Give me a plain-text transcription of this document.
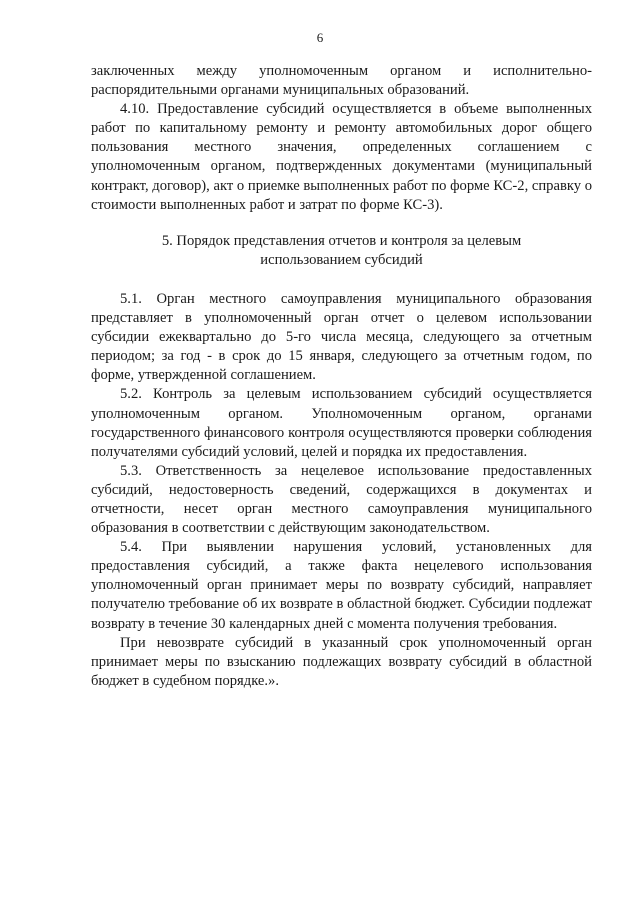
6

заключенных между уполномоченным органом и исполнительно-распорядительными органами муниципальных образований.

4.10. Предоставление субсидий осуществляется в объеме выполненных работ по капитальному ремонту и ремонту автомобильных дорог общего пользования местного значения, определенных соглашением с уполномоченным органом, подтвержденных документами (муниципальный контракт, договор), акт о приемке выполненных работ по форме КС-2, справку о стоимости выполненных работ и затрат по форме КС-3).

5. Порядок представления отчетов и контроля за целевым
использованием субсидий

5.1. Орган местного самоуправления муниципального образования представляет в уполномоченный орган отчет о целевом использовании субсидии ежеквартально до 5-го числа месяца, следующего за отчетным периодом; за год - в срок до 15 января, следующего за отчетным годом, по форме, утвержденной соглашением.

5.2. Контроль за целевым использованием субсидий осуществляется уполномоченным органом. Уполномоченным органом, органами государственного финансового контроля осуществляются проверки соблюдения получателями субсидий условий, целей и порядка их предоставления.

5.3. Ответственность за нецелевое использование предоставленных субсидий, недостоверность сведений, содержащихся в документах и отчетности, несет орган местного самоуправления муниципального образования в соответствии с действующим законодательством.

5.4. При выявлении нарушения условий, установленных для предоставления субсидий, а также факта нецелевого использования уполномоченный орган принимает меры по возврату субсидий, направляет получателю требование об их возврате в областной бюджет. Субсидии подлежат возврату в течение 30 календарных дней с момента получения требования.

При невозврате субсидий в указанный срок уполномоченный орган принимает меры по взысканию подлежащих возврату субсидий в областной бюджет в судебном порядке.».
